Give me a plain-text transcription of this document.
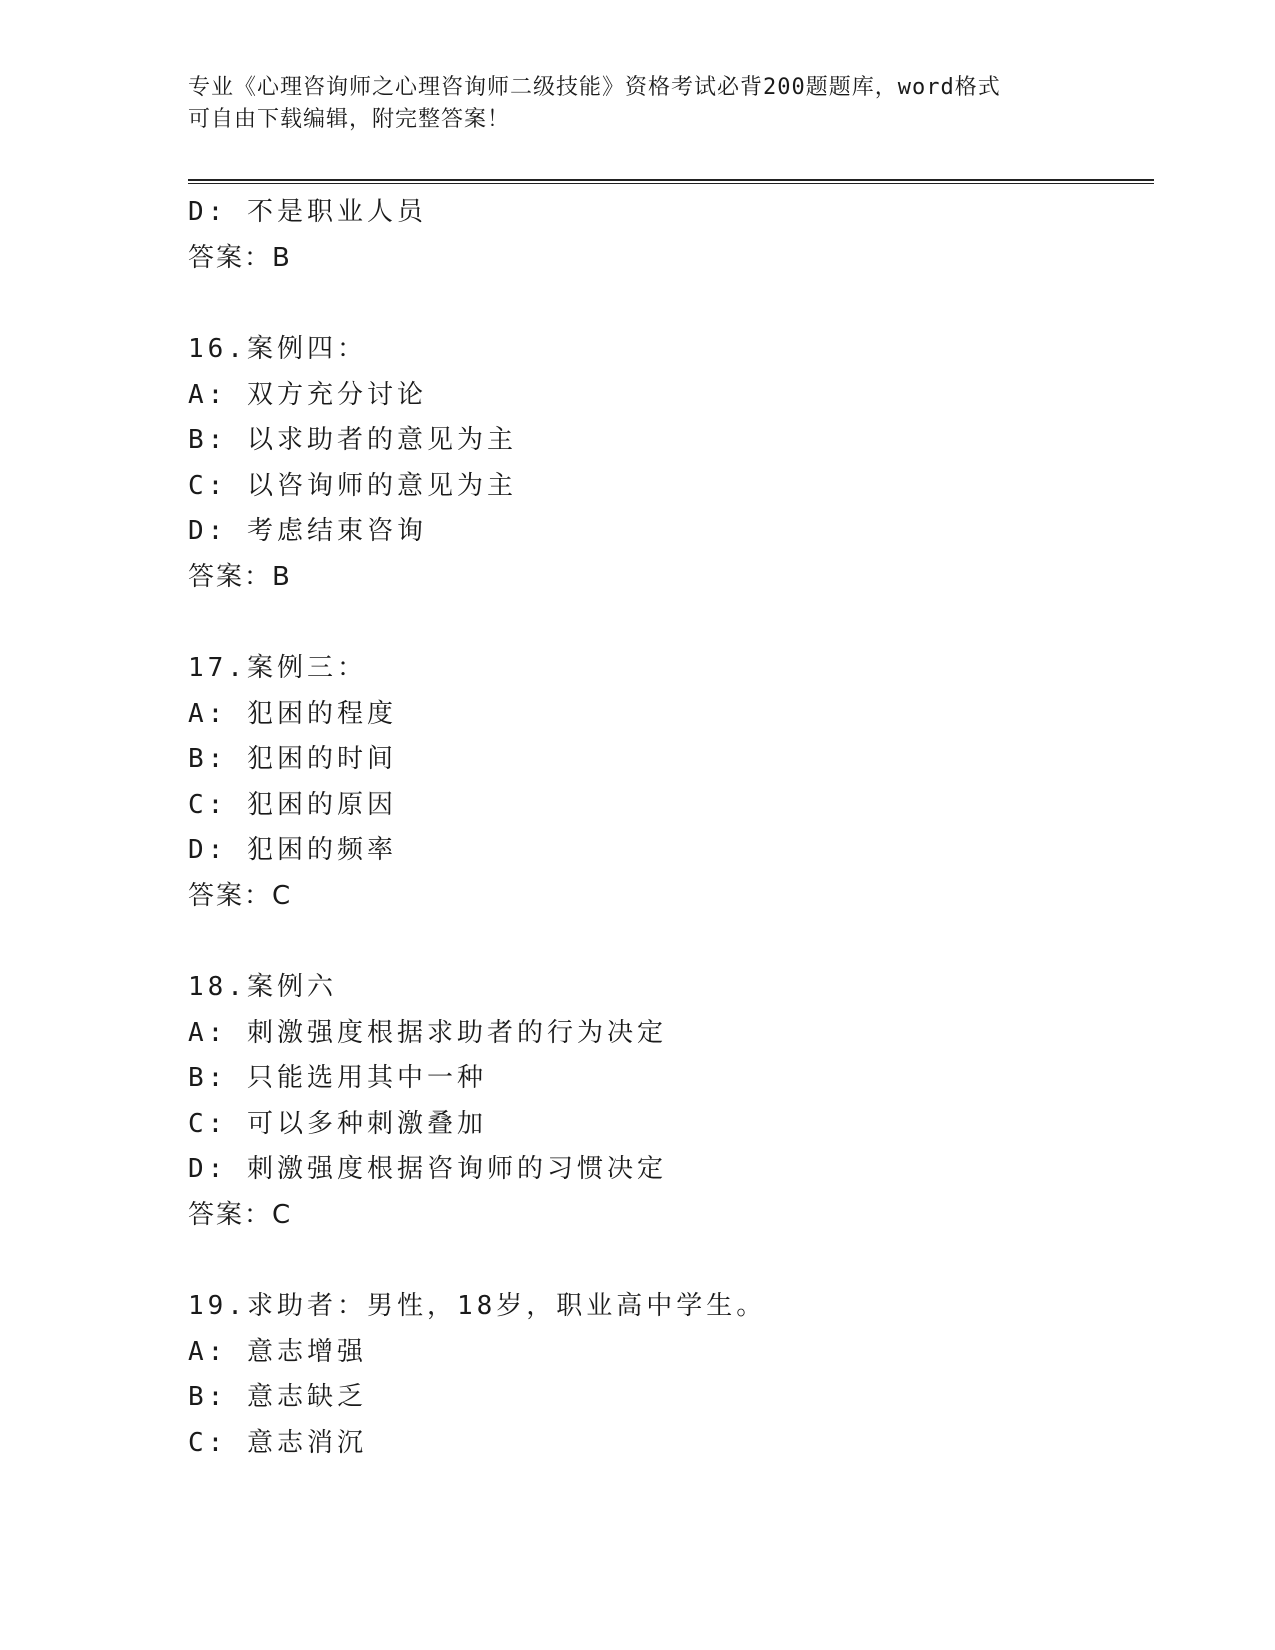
专业《心理咨询师之心理咨询师二级技能》资格考试必背200题题库，word格式
可自由下载编辑，附完整答案！
D: 不是职业人员
答案：B
16.案例四：
A: 双方充分讨论
B: 以求助者的意见为主
C: 以咨询师的意见为主
D: 考虑结束咨询
答案：B
17.案例三：
A: 犯困的程度
B: 犯困的时间
C: 犯困的原因
D: 犯困的频率
答案：C
18.案例六
A: 刺激强度根据求助者的行为决定
B: 只能选用其中一种
C: 可以多种刺激叠加
D: 刺激强度根据咨询师的习惯决定
答案：C
19.求助者：男性，18岁，职业高中学生。
A: 意志增强
B: 意志缺乏
C: 意志消沉
